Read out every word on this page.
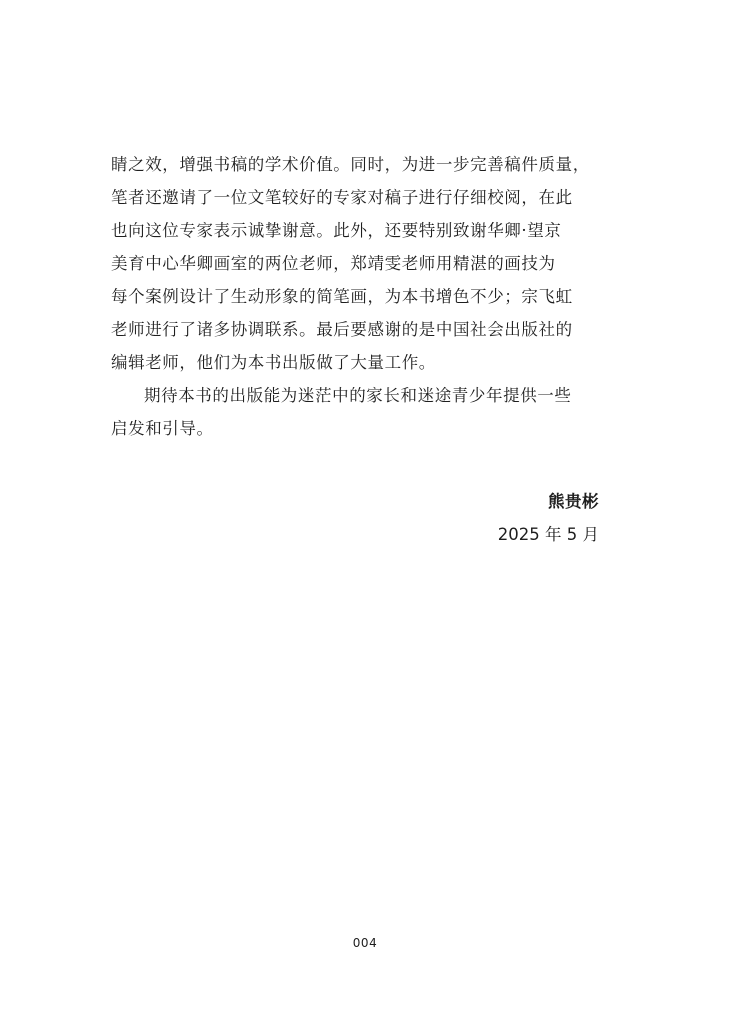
睛之效，增强书稿的学术价值。同时，为进一步完善稿件质量，
笔者还邀请了一位文笔较好的专家对稿子进行仔细校阅，在此
也向这位专家表示诚挚谢意。此外，还要特别致谢华卿·望京
美育中心华卿画室的两位老师，郑靖雯老师用精湛的画技为
每个案例设计了生动形象的简笔画，为本书增色不少；宗飞虹
老师进行了诸多协调联系。最后要感谢的是中国社会出版社的
编辑老师，他们为本书出版做了大量工作。
期待本书的出版能为迷茫中的家长和迷途青少年提供一些
启发和引导。
熊贵彬
2025 年 5 月
004
